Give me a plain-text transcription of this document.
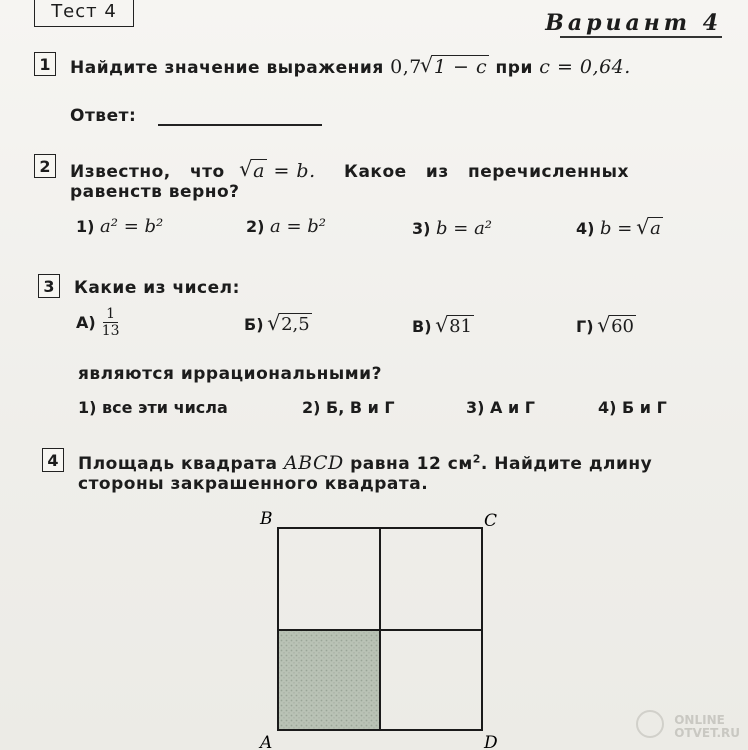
Тест 4	Вариант 4
1	Найдите значение выражения 0,7 √ 1 − c при c = 0,64.
Ответ:
2	Известно,   что √ a = b. Какое   из   перечисленных
равенств верно?
1) a² = b²	2) a = b²	3) b = a²	4) b = √ a
3	Какие из чисел:
$А) \frac{1}{13}$	Б) √ 2,5	В) √ 81	Г) √ 60
являются иррациональными?
1) все эти числа	2) Б, В и Г	3) А и Г	4) Б и Г
4	Площадь квадрата ABCD равна 12 $см^2$. Найдите длину
стороны закрашенного квадрата.
B	C
A	D
ONLINE
OTVET.RU
